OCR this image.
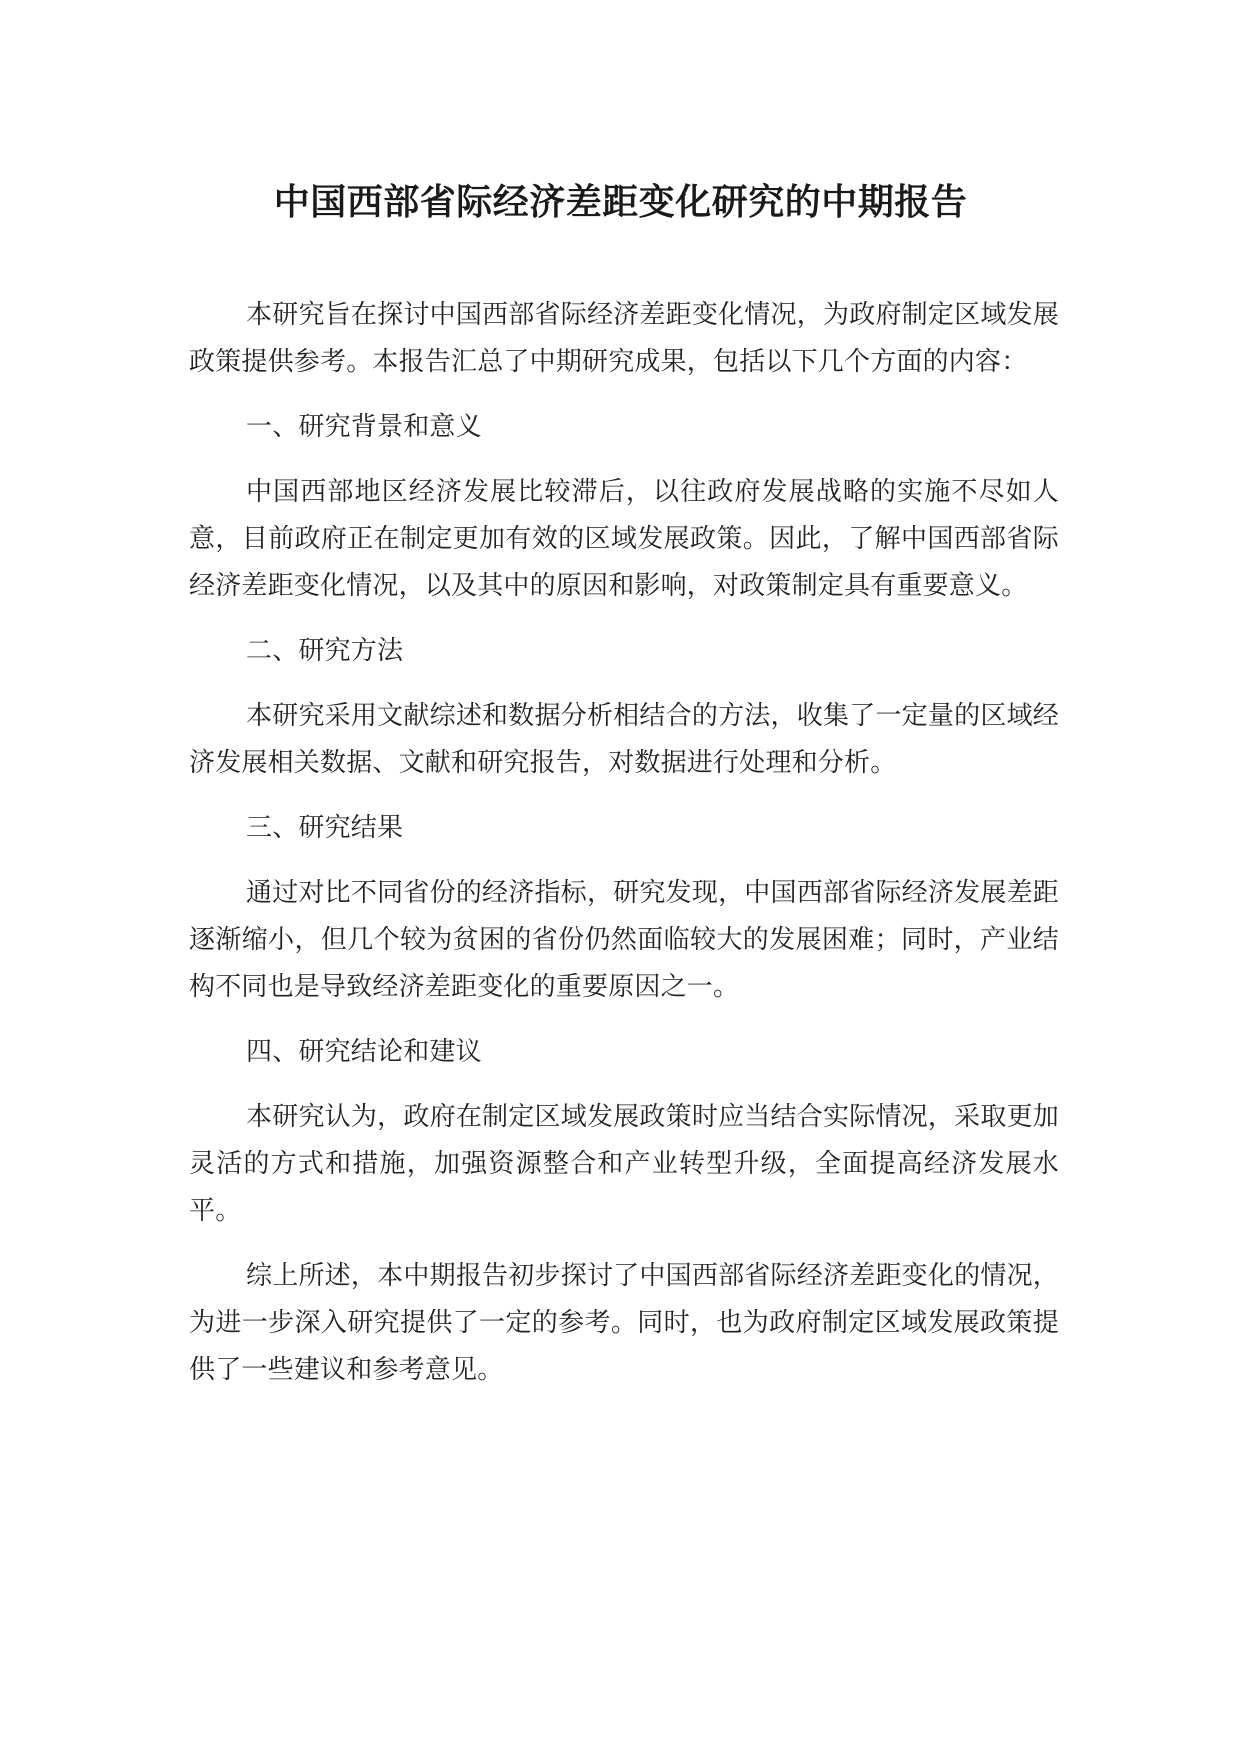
中国西部省际经济差距变化研究的中期报告

本研究旨在探讨中国西部省际经济差距变化情况，为政府制定区域发展政策提供参考。本报告汇总了中期研究成果，包括以下几个方面的内容：

一、研究背景和意义

中国西部地区经济发展比较滞后，以往政府发展战略的实施不尽如人意，目前政府正在制定更加有效的区域发展政策。因此，了解中国西部省际经济差距变化情况，以及其中的原因和影响，对政策制定具有重要意义。

二、研究方法

本研究采用文献综述和数据分析相结合的方法，收集了一定量的区域经济发展相关数据、文献和研究报告，对数据进行处理和分析。

三、研究结果

通过对比不同省份的经济指标，研究发现，中国西部省际经济发展差距逐渐缩小，但几个较为贫困的省份仍然面临较大的发展困难；同时，产业结构不同也是导致经济差距变化的重要原因之一。

四、研究结论和建议

本研究认为，政府在制定区域发展政策时应当结合实际情况，采取更加灵活的方式和措施，加强资源整合和产业转型升级，全面提高经济发展水平。

综上所述，本中期报告初步探讨了中国西部省际经济差距变化的情况，为进一步深入研究提供了一定的参考。同时，也为政府制定区域发展政策提供了一些建议和参考意见。
